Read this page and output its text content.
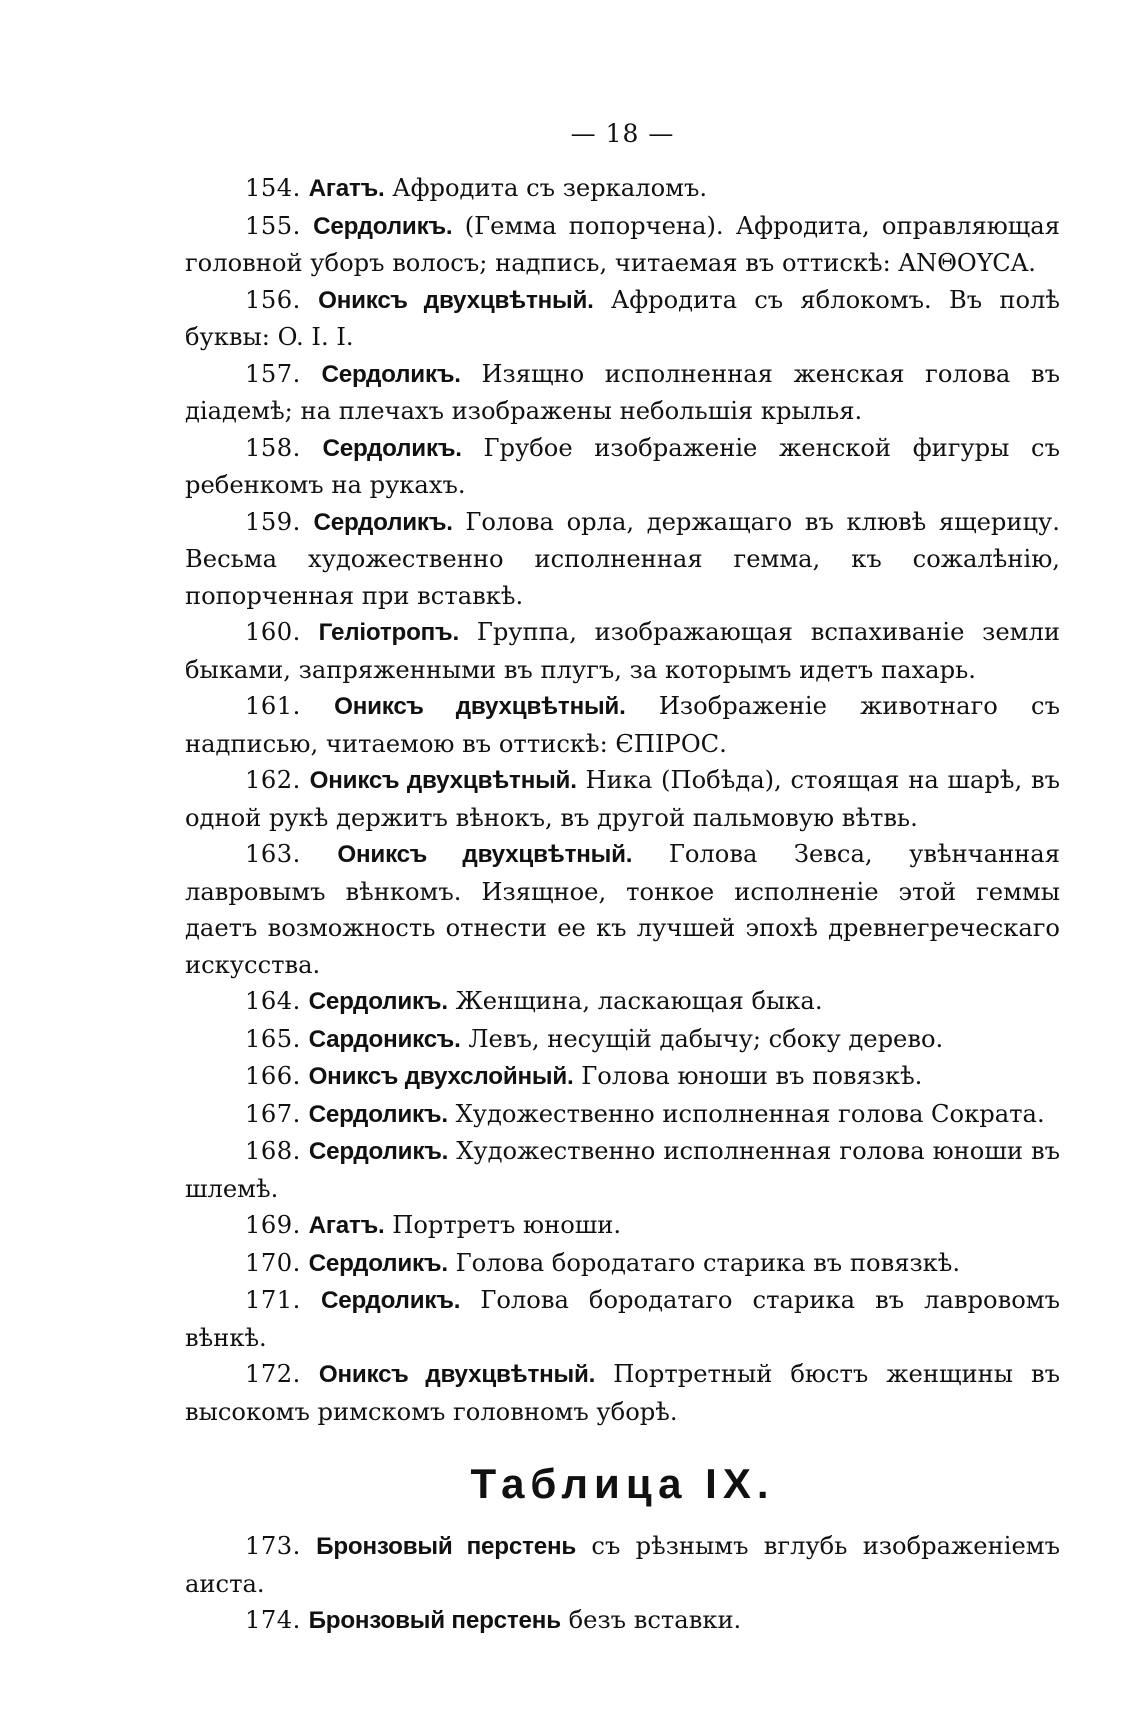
— 18 —

154. Агатъ. Афродита съ зеркаломъ.

155. Сердоликъ. (Гемма попорчена). Афродита, оправляющая головной уборъ волосъ; надпись, читаемая въ оттискѣ: ANΘOYCA.

156. Ониксъ двухцвѣтный. Афродита съ яблокомъ. Въ полѣ буквы: O. I. I.

157. Сердоликъ. Изящно исполненная женская голова въ діадемѣ; на плечахъ изображены небольшія крылья.

158. Сердоликъ. Грубое изображеніе женской фигуры съ ребенкомъ на рукахъ.

159. Сердоликъ. Голова орла, держащаго въ клювѣ ящерицу. Весьма художественно исполненная гемма, къ сожалѣнію, попорченная при вставкѣ.

160. Геліотропъ. Группа, изображающая вспахиваніе земли быками, запряженными въ плугъ, за которымъ идетъ пахарь.

161. Ониксъ двухцвѣтный. Изображеніе животнаго съ надписью, читаемою въ оттискѣ: ЄПІРОС.

162. Ониксъ двухцвѣтный. Ника (Побѣда), стоящая на шарѣ, въ одной рукѣ держитъ вѣнокъ, въ другой пальмовую вѣтвь.

163. Ониксъ двухцвѣтный. Голова Зевса, увѣнчанная лавровымъ вѣнкомъ. Изящное, тонкое исполненіе этой геммы даетъ возможность отнести ее къ лучшей эпохѣ древнегреческаго искусства.

164. Сердоликъ. Женщина, ласкающая быка.

165. Сардониксъ. Левъ, несущій дабычу; сбоку дерево.

166. Ониксъ двухслойный. Голова юноши въ повязкѣ.

167. Сердоликъ. Художественно исполненная голова Сократа.

168. Сердоликъ. Художественно исполненная голова юноши въ шлемѣ.

169. Агатъ. Портретъ юноши.

170. Сердоликъ. Голова бородатаго старика въ повязкѣ.

171. Сердоликъ. Голова бородатаго старика въ лавровомъ вѣнкѣ.

172. Ониксъ двухцвѣтный. Портретный бюстъ женщины въ высокомъ римскомъ головномъ уборѣ.

Таблица IX.

173. Бронзовый перстень съ рѣзнымъ вглубь изображеніемъ аиста.

174. Бронзовый перстень безъ вставки.
